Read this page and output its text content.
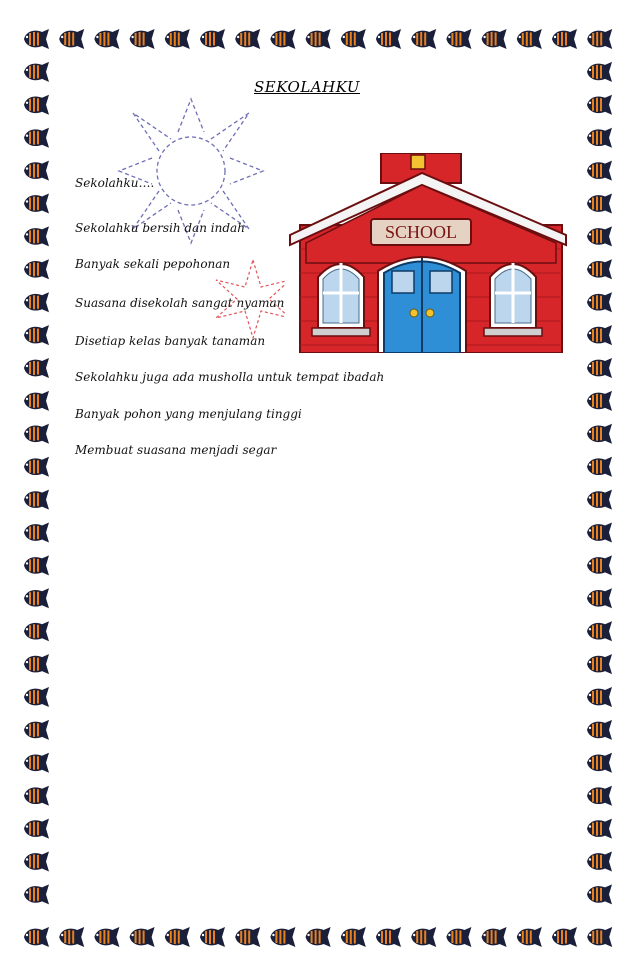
SEKOLAHKU
Sekolahku….
Sekolahku bersih dan indah
Banyak sekali pepohonan
Suasana disekolah sangat nyaman
Disetiap kelas banyak tanaman
Sekolahku juga ada musholla untuk tempat ibadah
Banyak pohon yang menjulang tinggi
Membuat suasana menjadi segar
SCHOOL
